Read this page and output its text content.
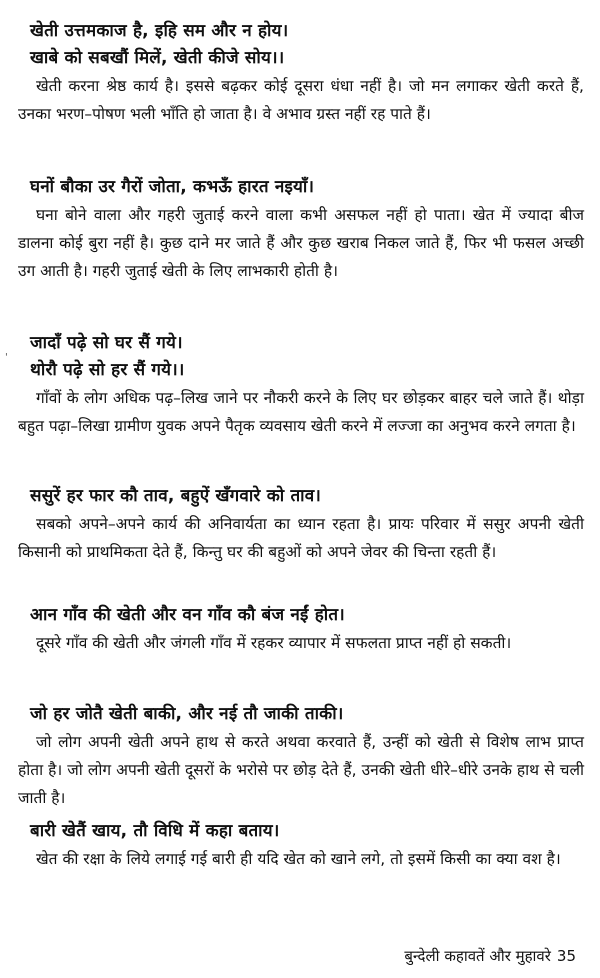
खेती उत्तमकाज है, इहि सम और न होय।

खाबे को सबखौं मिलें, खेती कीजे सोय।।

खेती करना श्रेष्ठ कार्य है। इससे बढ़कर कोई दूसरा धंधा नहीं है। जो मन लगाकर खेती करते हैं, उनका भरण–पोषण भली भाँति हो जाता है। वे अभाव ग्रस्त नहीं रह पाते हैं।

घनों बौका उर गैरों जोता, कभऊँ हारत नइयाँ।

घना बोने वाला और गहरी जुताई करने वाला कभी असफल नहीं हो पाता। खेत में ज्यादा बीज डालना कोई बुरा नहीं है। कुछ दाने मर जाते हैं और कुछ खराब निकल जाते हैं, फिर भी फसल अच्छी उग आती है। गहरी जुताई खेती के लिए लाभकारी होती है।

जादाँ पढ़े सो घर सैं गये।

थोरौ पढ़े सो हर सैं गये।।

गाँवों के लोग अधिक पढ़–लिख जाने पर नौकरी करने के लिए घर छोड़कर बाहर चले जाते हैं। थोड़ा बहुत पढ़ा–लिखा ग्रामीण युवक अपने पैतृक व्यवसाय खेती करने में लज्जा का अनुभव करने लगता है।

ससुरें हर फार कौ ताव, बहुऐं खँगवारे को ताव।

सबको अपने–अपने कार्य की अनिवार्यता का ध्यान रहता है। प्रायः परिवार में ससुर अपनी खेती किसानी को प्राथमिकता देते हैं, किन्तु घर की बहुओं को अपने जेवर की चिन्ता रहती हैं।

आन गाँव की खेती और वन गाँव कौ बंज नईं होत।

दूसरे गाँव की खेती और जंगली गाँव में रहकर व्यापार में सफलता प्राप्त नहीं हो सकती।

जो हर जोतै खेती बाकी, और नई तौ जाकी ताकी।

जो लोग अपनी खेती अपने हाथ से करते अथवा करवाते हैं, उन्हीं को खेती से विशेष लाभ प्राप्त होता है। जो लोग अपनी खेती दूसरों के भरोसे पर छोड़ देते हैं, उनकी खेती धीरे–धीरे उनके हाथ से चली जाती है।

बारी खेतैं खाय, तौ विधि में कहा बताय।

खेत की रक्षा के लिये लगाई गई बारी ही यदि खेत को खाने लगे, तो इसमें किसी का क्या वश है।

'
बुन्देली कहावतें और मुहावरे 35
